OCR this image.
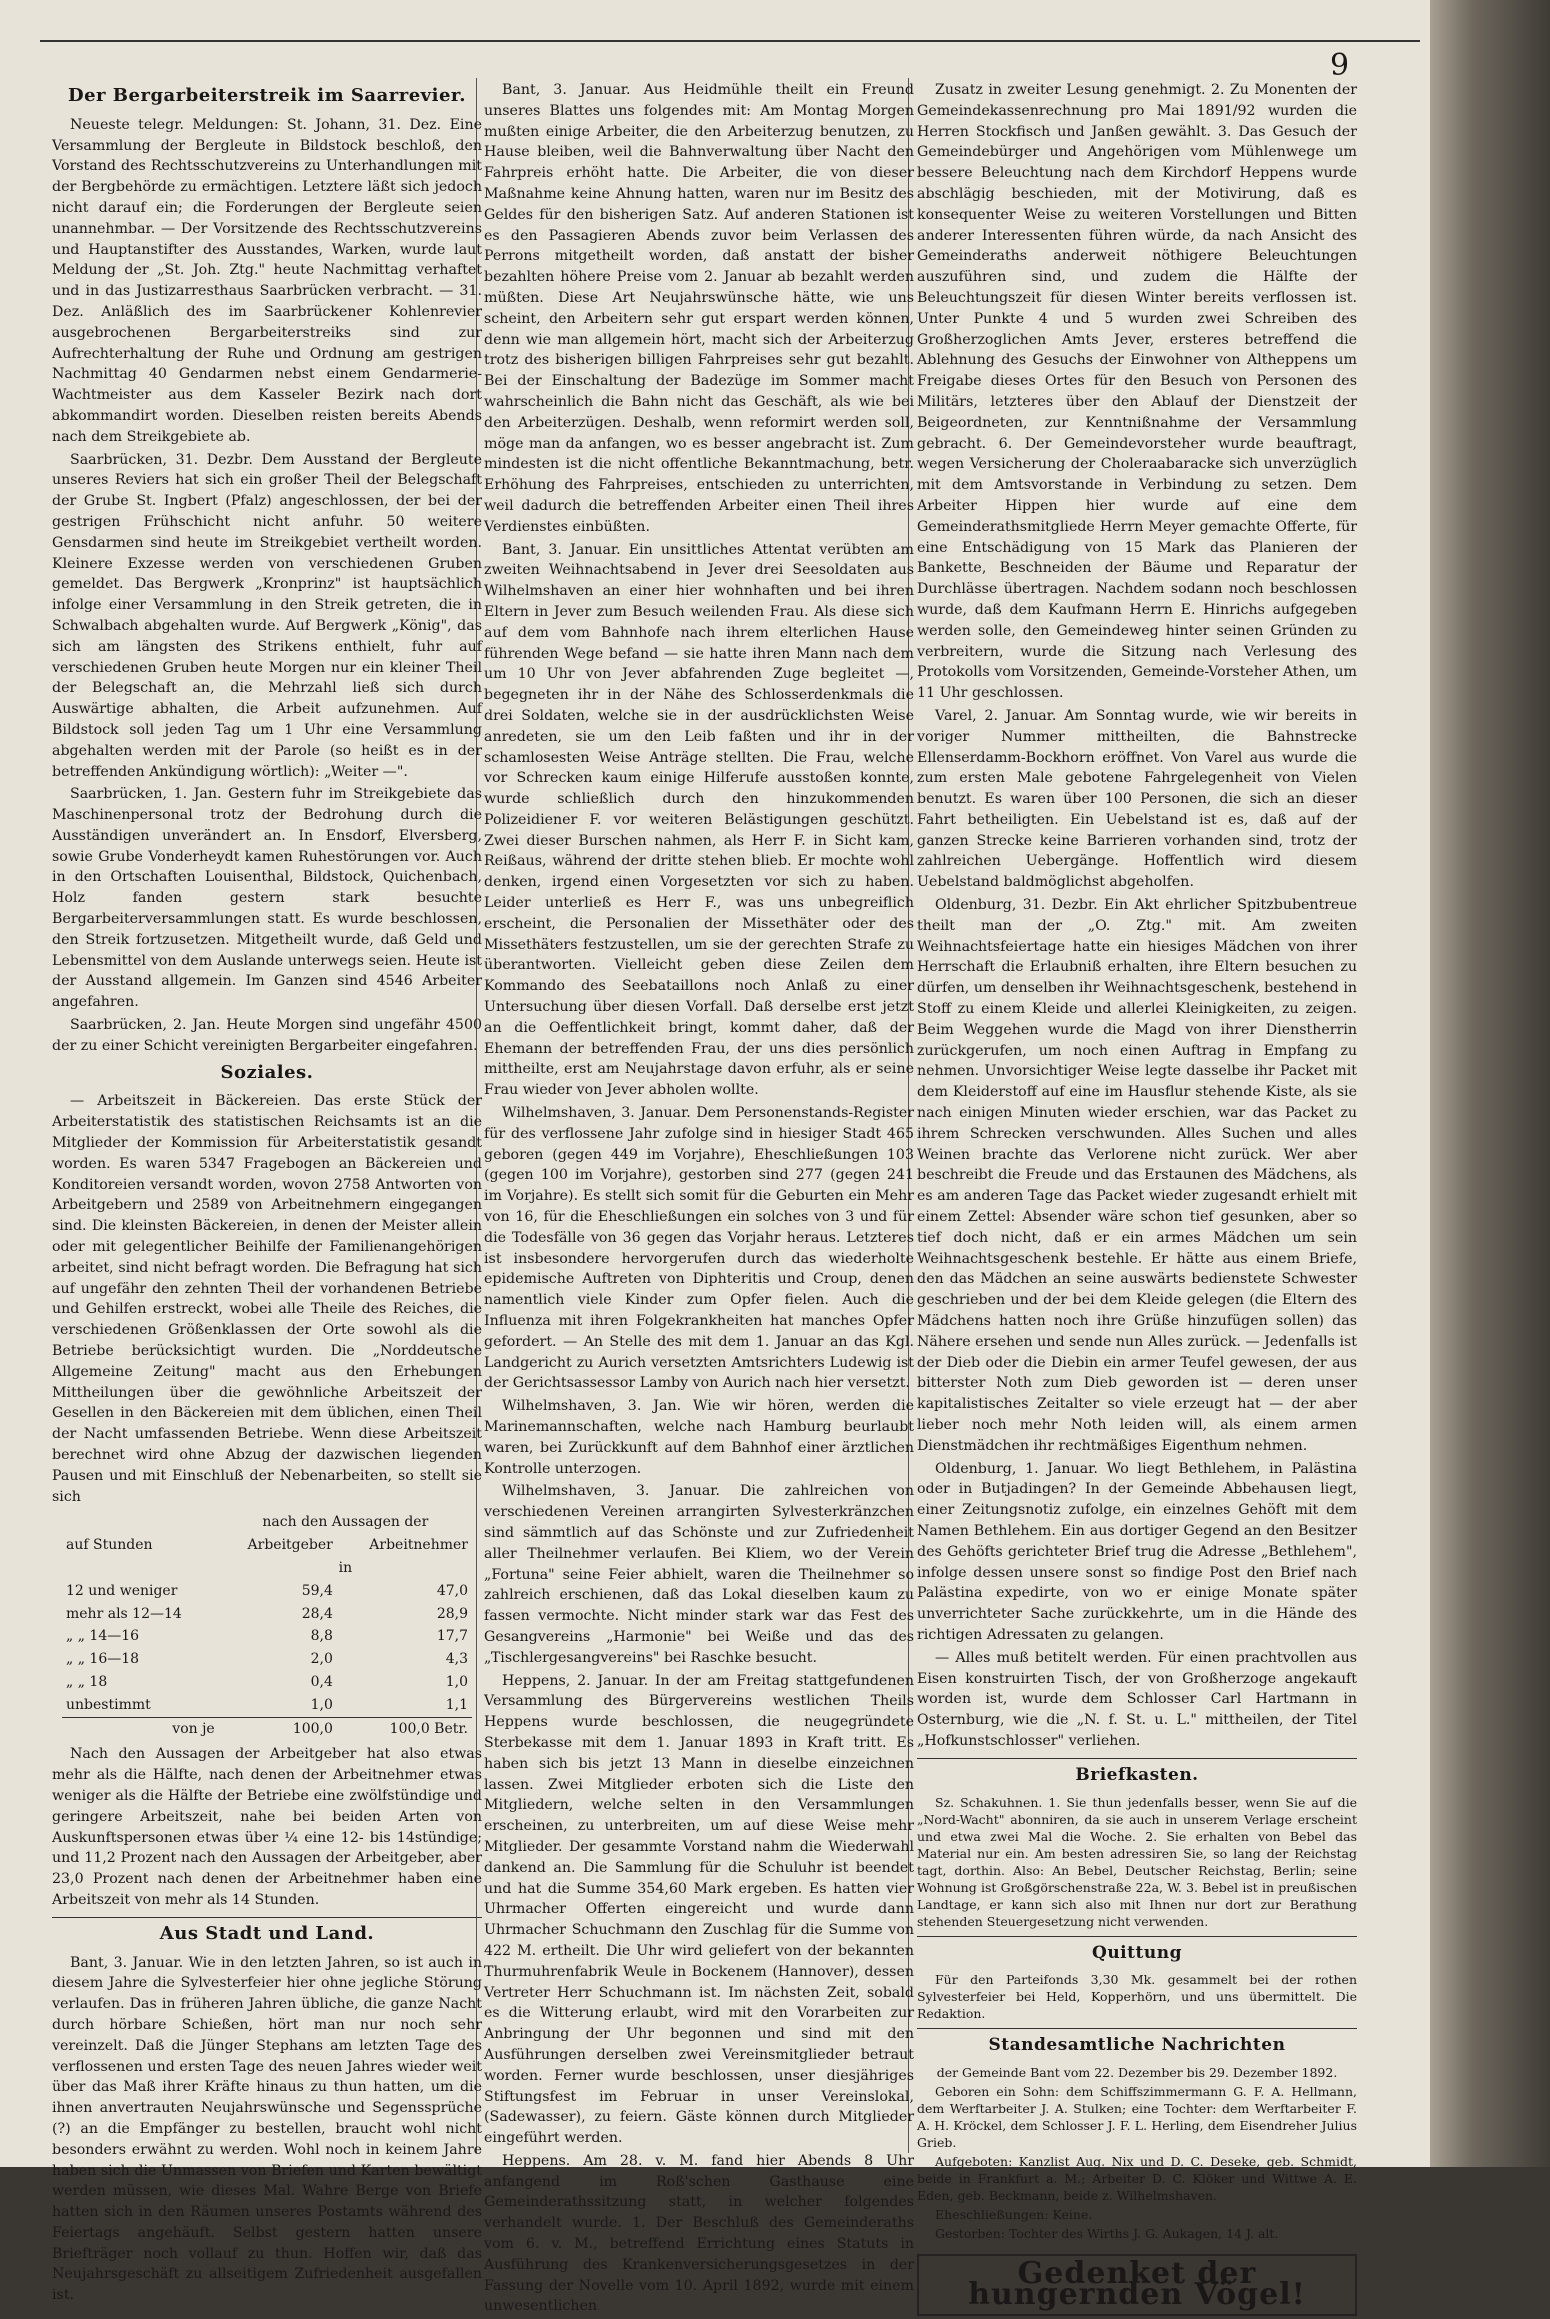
9
Der Bergarbeiterstreik im Saarrevier.

Neueste telegr. Meldungen: St. Johann, 31. Dez. Eine Versammlung der Bergleute in Bildstock beschloß, den Vorstand des Rechtsschutzvereins zu Unterhandlungen mit der Bergbehörde zu ermächtigen. Letztere läßt sich jedoch nicht darauf ein; die Forderungen der Bergleute seien unannehmbar. — Der Vorsitzende des Rechtsschutzvereins und Hauptanstifter des Ausstandes, Warken, wurde laut Meldung der „St. Joh. Ztg." heute Nachmittag verhaftet und in das Justizarresthaus Saarbrücken verbracht. — 31. Dez. Anläßlich des im Saarbrückener Kohlenrevier ausgebrochenen Bergarbeiterstreiks sind zur Aufrechterhaltung der Ruhe und Ordnung am gestrigen Nachmittag 40 Gendarmen nebst einem Gendarmerie-Wachtmeister aus dem Kasseler Bezirk nach dort abkommandirt worden. Dieselben reisten bereits Abends nach dem Streikgebiete ab.

Saarbrücken, 31. Dezbr. Dem Ausstand der Bergleute unseres Reviers hat sich ein großer Theil der Belegschaft der Grube St. Ingbert (Pfalz) angeschlossen, der bei der gestrigen Frühschicht nicht anfuhr. 50 weitere Gensdarmen sind heute im Streikgebiet vertheilt worden. Kleinere Exzesse werden von verschiedenen Gruben gemeldet. Das Bergwerk „Kronprinz" ist hauptsächlich infolge einer Versammlung in den Streik getreten, die in Schwalbach abgehalten wurde. Auf Bergwerk „König", das sich am längsten des Strikens enthielt, fuhr auf verschiedenen Gruben heute Morgen nur ein kleiner Theil der Belegschaft an, die Mehrzahl ließ sich durch Auswärtige abhalten, die Arbeit aufzunehmen. Auf Bildstock soll jeden Tag um 1 Uhr eine Versammlung abgehalten werden mit der Parole (so heißt es in der betreffenden Ankündigung wörtlich): „Weiter —".

Saarbrücken, 1. Jan. Gestern fuhr im Streikgebiete das Maschinenpersonal trotz der Bedrohung durch die Ausständigen unverändert an. In Ensdorf, Elversberg, sowie Grube Vonderheydt kamen Ruhestörungen vor. Auch in den Ortschaften Louisenthal, Bildstock, Quichenbach, Holz fanden gestern stark besuchte Bergarbeiterversammlungen statt. Es wurde beschlossen, den Streik fortzusetzen. Mitgetheilt wurde, daß Geld und Lebensmittel von dem Auslande unterwegs seien. Heute ist der Ausstand allgemein. Im Ganzen sind 4546 Arbeiter angefahren.

Saarbrücken, 2. Jan. Heute Morgen sind ungefähr 4500 der zu einer Schicht vereinigten Bergarbeiter eingefahren.

Soziales.

— Arbeitszeit in Bäckereien. Das erste Stück der Arbeiterstatistik des statistischen Reichsamts ist an die Mitglieder der Kommission für Arbeiterstatistik gesandt worden. Es waren 5347 Fragebogen an Bäckereien und Konditoreien versandt worden, wovon 2758 Antworten von Arbeitgebern und 2589 von Arbeitnehmern eingegangen sind. Die kleinsten Bäckereien, in denen der Meister allein oder mit gelegentlicher Beihilfe der Familienangehörigen arbeitet, sind nicht befragt worden. Die Befragung hat sich auf ungefähr den zehnten Theil der vorhandenen Betriebe und Gehilfen erstreckt, wobei alle Theile des Reiches, die verschiedenen Größenklassen der Orte sowohl als die Betriebe berücksichtigt wurden. Die „Norddeutsche Allgemeine Zeitung" macht aus den Erhebungen Mittheilungen über die gewöhnliche Arbeitszeit der Gesellen in den Bäckereien mit dem üblichen, einen Theil der Nacht umfassenden Betriebe. Wenn diese Arbeitszeit berechnet wird ohne Abzug der dazwischen liegenden Pausen und mit Einschluß der Nebenarbeiten, so stellt sie sich

	nach den Aussagen der	
auf Stunden	Arbeitgeber	Arbeitnehmer
	in	
12 und weniger	59,4	47,0
mehr als 12—14	28,4	28,9
„ „ 14—16	8,8	17,7
„ „ 16—18	2,0	4,3
„ „ 18	0,4	1,0
unbestimmt	1,0	1,1
von je	100,0	100,0 Betr.

Nach den Aussagen der Arbeitgeber hat also etwas mehr als die Hälfte, nach denen der Arbeitnehmer etwas weniger als die Hälfte der Betriebe eine zwölfstündige und geringere Arbeitszeit, nahe bei beiden Arten von Auskunftspersonen etwas über ¼ eine 12- bis 14stündige; und 11,2 Prozent nach den Aussagen der Arbeitgeber, aber 23,0 Prozent nach denen der Arbeitnehmer haben eine Arbeitszeit von mehr als 14 Stunden.

Aus Stadt und Land.

Bant, 3. Januar. Wie in den letzten Jahren, so ist auch in diesem Jahre die Sylvesterfeier hier ohne jegliche Störung verlaufen. Das in früheren Jahren übliche, die ganze Nacht durch hörbare Schießen, hört man nur noch sehr vereinzelt. Daß die Jünger Stephans am letzten Tage des verflossenen und ersten Tage des neuen Jahres wieder weit über das Maß ihrer Kräfte hinaus zu thun hatten, um die ihnen anvertrauten Neujahrswünsche und Segenssprüche (?) an die Empfänger zu bestellen, braucht wohl nicht besonders erwähnt zu werden. Wohl noch in keinem Jahre haben sich die Unmassen von Briefen und Karten bewältigt werden müssen, wie dieses Mal. Wahre Berge von Briefe hatten sich in den Räumen unseres Postamts während des Feiertags angehäuft. Selbst gestern hatten unsere Briefträger noch vollauf zu thun. Hoffen wir, daß das Neujahrsgeschäft zu allseitigem Zufriedenheit ausgefallen ist.

Bant, 3. Januar. Aus Heidmühle theilt ein Freund unseres Blattes uns folgendes mit: Am Montag Morgen mußten einige Arbeiter, die den Arbeiterzug benutzen, zu Hause bleiben, weil die Bahnverwaltung über Nacht den Fahrpreis erhöht hatte. Die Arbeiter, die von dieser Maßnahme keine Ahnung hatten, waren nur im Besitz des Geldes für den bisherigen Satz. Auf anderen Stationen ist es den Passagieren Abends zuvor beim Verlassen des Perrons mitgetheilt worden, daß anstatt der bisher bezahlten höhere Preise vom 2. Januar ab bezahlt werden müßten. Diese Art Neujahrswünsche hätte, wie uns scheint, den Arbeitern sehr gut erspart werden können, denn wie man allgemein hört, macht sich der Arbeiterzug trotz des bisherigen billigen Fahrpreises sehr gut bezahlt. Bei der Einschaltung der Badezüge im Sommer macht wahrscheinlich die Bahn nicht das Geschäft, als wie bei den Arbeiterzügen. Deshalb, wenn reformirt werden soll, möge man da anfangen, wo es besser angebracht ist. Zum mindesten ist die nicht offentliche Bekanntmachung, betr. Erhöhung des Fahrpreises, entschieden zu unterrichten, weil dadurch die betreffenden Arbeiter einen Theil ihres Verdienstes einbüßten.

Bant, 3. Januar. Ein unsittliches Attentat verübten am zweiten Weihnachtsabend in Jever drei Seesoldaten aus Wilhelmshaven an einer hier wohnhaften und bei ihren Eltern in Jever zum Besuch weilenden Frau. Als diese sich auf dem vom Bahnhofe nach ihrem elterlichen Hause führenden Wege befand — sie hatte ihren Mann nach dem um 10 Uhr von Jever abfahrenden Zuge begleitet —, begegneten ihr in der Nähe des Schlosserdenkmals die drei Soldaten, welche sie in der ausdrücklichsten Weise anredeten, sie um den Leib faßten und ihr in der schamlosesten Weise Anträge stellten. Die Frau, welche vor Schrecken kaum einige Hilferufe ausstoßen konnte, wurde schließlich durch den hinzukommenden Polizeidiener F. vor weiteren Belästigungen geschützt. Zwei dieser Burschen nahmen, als Herr F. in Sicht kam, Reißaus, während der dritte stehen blieb. Er mochte wohl denken, irgend einen Vorgesetzten vor sich zu haben. Leider unterließ es Herr F., was uns unbegreiflich erscheint, die Personalien der Missethäter oder des Missethäters festzustellen, um sie der gerechten Strafe zu überantworten. Vielleicht geben diese Zeilen dem Kommando des Seebataillons noch Anlaß zu einer Untersuchung über diesen Vorfall. Daß derselbe erst jetzt an die Oeffentlichkeit bringt, kommt daher, daß der Ehemann der betreffenden Frau, der uns dies persönlich mittheilte, erst am Neujahrstage davon erfuhr, als er seine Frau wieder von Jever abholen wollte.

Wilhelmshaven, 3. Januar. Dem Personenstands-Register für des verflossene Jahr zufolge sind in hiesiger Stadt 465 geboren (gegen 449 im Vorjahre), Eheschließungen 103 (gegen 100 im Vorjahre), gestorben sind 277 (gegen 241 im Vorjahre). Es stellt sich somit für die Geburten ein Mehr von 16, für die Eheschließungen ein solches von 3 und für die Todesfälle von 36 gegen das Vorjahr heraus. Letzteres ist insbesondere hervorgerufen durch das wiederholte epidemische Auftreten von Diphteritis und Croup, denen namentlich viele Kinder zum Opfer fielen. Auch die Influenza mit ihren Folgekrankheiten hat manches Opfer gefordert. — An Stelle des mit dem 1. Januar an das Kgl. Landgericht zu Aurich versetzten Amtsrichters Ludewig ist der Gerichtsassessor Lamby von Aurich nach hier versetzt.

Wilhelmshaven, 3. Jan. Wie wir hören, werden die Marinemannschaften, welche nach Hamburg beurlaubt waren, bei Zurückkunft auf dem Bahnhof einer ärztlichen Kontrolle unterzogen.

Wilhelmshaven, 3. Januar. Die zahlreichen von verschiedenen Vereinen arrangirten Sylvesterkränzchen sind sämmtlich auf das Schönste und zur Zufriedenheit aller Theilnehmer verlaufen. Bei Kliem, wo der Verein „Fortuna" seine Feier abhielt, waren die Theilnehmer so zahlreich erschienen, daß das Lokal dieselben kaum zu fassen vermochte. Nicht minder stark war das Fest des Gesangvereins „Harmonie" bei Weiße und das des „Tischlergesangvereins" bei Raschke besucht.

Heppens, 2. Januar. In der am Freitag stattgefundenen Versammlung des Bürgervereins westlichen Theils Heppens wurde beschlossen, die neugegründete Sterbekasse mit dem 1. Januar 1893 in Kraft tritt. Es haben sich bis jetzt 13 Mann in dieselbe einzeichnen lassen. Zwei Mitglieder erboten sich die Liste den Mitgliedern, welche selten in den Versammlungen erscheinen, zu unterbreiten, um auf diese Weise mehr Mitglieder. Der gesammte Vorstand nahm die Wiederwahl dankend an. Die Sammlung für die Schuluhr ist beendet und hat die Summe 354,60 Mark ergeben. Es hatten vier Uhrmacher Offerten eingereicht und wurde dann Uhrmacher Schuchmann den Zuschlag für die Summe von 422 M. ertheilt. Die Uhr wird geliefert von der bekannten Thurmuhrenfabrik Weule in Bockenem (Hannover), dessen Vertreter Herr Schuchmann ist. Im nächsten Zeit, sobald es die Witterung erlaubt, wird mit den Vorarbeiten zur Anbringung der Uhr begonnen und sind mit den Ausführungen derselben zwei Vereinsmitglieder betraut worden. Ferner wurde beschlossen, unser diesjähriges Stiftungsfest im Februar in unser Vereinslokal, (Sadewasser), zu feiern. Gäste können durch Mitglieder eingeführt werden.

Heppens. Am 28. v. M. fand hier Abends 8 Uhr anfangend im Roß'schen Gasthause eine Gemeinderathssitzung statt, in welcher folgendes verhandelt wurde. 1. Der Beschluß des Gemeinderaths vom 6. v. M., betreffend Errichtung eines Statuts in Ausführung des Krankenversicherungsgesetzes in der Fassung der Novelle vom 10. April 1892, wurde mit einem unwesentlichen

Zusatz in zweiter Lesung genehmigt. 2. Zu Monenten der Gemeindekassenrechnung pro Mai 1891/92 wurden die Herren Stockfisch und Janßen gewählt. 3. Das Gesuch der Gemeindebürger und Angehörigen vom Mühlenwege um bessere Beleuchtung nach dem Kirchdorf Heppens wurde abschlägig beschieden, mit der Motivirung, daß es konsequenter Weise zu weiteren Vorstellungen und Bitten anderer Interessenten führen würde, da nach Ansicht des Gemeinderaths anderweit nöthigere Beleuchtungen auszuführen sind, und zudem die Hälfte der Beleuchtungszeit für diesen Winter bereits verflossen ist. Unter Punkte 4 und 5 wurden zwei Schreiben des Großherzoglichen Amts Jever, ersteres betreffend die Ablehnung des Gesuchs der Einwohner von Altheppens um Freigabe dieses Ortes für den Besuch von Personen des Militärs, letzteres über den Ablauf der Dienstzeit der Beigeordneten, zur Kenntnißnahme der Versammlung gebracht. 6. Der Gemeindevorsteher wurde beauftragt, wegen Versicherung der Choleraabaracke sich unverzüglich mit dem Amtsvorstande in Verbindung zu setzen. Dem Arbeiter Hippen hier wurde auf eine dem Gemeinderathsmitgliede Herrn Meyer gemachte Offerte, für eine Entschädigung von 15 Mark das Planieren der Bankette, Beschneiden der Bäume und Reparatur der Durchlässe übertragen. Nachdem sodann noch beschlossen wurde, daß dem Kaufmann Herrn E. Hinrichs aufgegeben werden solle, den Gemeindeweg hinter seinen Gründen zu verbreitern, wurde die Sitzung nach Verlesung des Protokolls vom Vorsitzenden, Gemeinde-Vorsteher Athen, um 11 Uhr geschlossen.

Varel, 2. Januar. Am Sonntag wurde, wie wir bereits in voriger Nummer mittheilten, die Bahnstrecke Ellenserdamm-Bockhorn eröffnet. Von Varel aus wurde die zum ersten Male gebotene Fahrgelegenheit von Vielen benutzt. Es waren über 100 Personen, die sich an dieser Fahrt betheiligten. Ein Uebelstand ist es, daß auf der ganzen Strecke keine Barrieren vorhanden sind, trotz der zahlreichen Uebergänge. Hoffentlich wird diesem Uebelstand baldmöglichst abgeholfen.

Oldenburg, 31. Dezbr. Ein Akt ehrlicher Spitzbubentreue theilt man der „O. Ztg." mit. Am zweiten Weihnachtsfeiertage hatte ein hiesiges Mädchen von ihrer Herrschaft die Erlaubniß erhalten, ihre Eltern besuchen zu dürfen, um denselben ihr Weihnachtsgeschenk, bestehend in Stoff zu einem Kleide und allerlei Kleinigkeiten, zu zeigen. Beim Weggehen wurde die Magd von ihrer Dienstherrin zurückgerufen, um noch einen Auftrag in Empfang zu nehmen. Unvorsichtiger Weise legte dasselbe ihr Packet mit dem Kleiderstoff auf eine im Hausflur stehende Kiste, als sie nach einigen Minuten wieder erschien, war das Packet zu ihrem Schrecken verschwunden. Alles Suchen und alles Weinen brachte das Verlorene nicht zurück. Wer aber beschreibt die Freude und das Erstaunen des Mädchens, als es am anderen Tage das Packet wieder zugesandt erhielt mit einem Zettel: Absender wäre schon tief gesunken, aber so tief doch nicht, daß er ein armes Mädchen um sein Weihnachtsgeschenk bestehle. Er hätte aus einem Briefe, den das Mädchen an seine auswärts bedienstete Schwester geschrieben und der bei dem Kleide gelegen (die Eltern des Mädchens hatten noch ihre Grüße hinzufügen sollen) das Nähere ersehen und sende nun Alles zurück. — Jedenfalls ist der Dieb oder die Diebin ein armer Teufel gewesen, der aus bitterster Noth zum Dieb geworden ist — deren unser kapitalistisches Zeitalter so viele erzeugt hat — der aber lieber noch mehr Noth leiden will, als einem armen Dienstmädchen ihr rechtmäßiges Eigenthum nehmen.

Oldenburg, 1. Januar. Wo liegt Bethlehem, in Palästina oder in Butjadingen? In der Gemeinde Abbehausen liegt, einer Zeitungsnotiz zufolge, ein einzelnes Gehöft mit dem Namen Bethlehem. Ein aus dortiger Gegend an den Besitzer des Gehöfts gerichteter Brief trug die Adresse „Bethlehem", infolge dessen unsere sonst so findige Post den Brief nach Palästina expedirte, von wo er einige Monate später unverrichteter Sache zurückkehrte, um in die Hände des richtigen Adressaten zu gelangen.

— Alles muß betitelt werden. Für einen prachtvollen aus Eisen konstruirten Tisch, der von Großherzoge angekauft worden ist, wurde dem Schlosser Carl Hartmann in Osternburg, wie die „N. f. St. u. L." mittheilen, der Titel „Hofkunstschlosser" verliehen.

Briefkasten.

Sz. Schakuhnen. 1. Sie thun jedenfalls besser, wenn Sie auf die „Nord-Wacht" abonniren, da sie auch in unserem Verlage erscheint und etwa zwei Mal die Woche. 2. Sie erhalten von Bebel das Material nur ein. Am besten adressiren Sie, so lang der Reichstag tagt, dorthin. Also: An Bebel, Deutscher Reichstag, Berlin; seine Wohnung ist Großgörschenstraße 22a, W. 3. Bebel ist in preußischen Landtage, er kann sich also mit Ihnen nur dort zur Berathung stehenden Steuergesetzung nicht verwenden.

Quittung

Für den Parteifonds 3,30 Mk. gesammelt bei der rothen Sylvesterfeier bei Held, Kopperhörn, und uns übermittelt. Die Redaktion.

Standesamtliche Nachrichten

der Gemeinde Bant vom 22. Dezember bis 29. Dezember 1892.

Geboren ein Sohn: dem Schiffszimmermann G. F. A. Hellmann, dem Werftarbeiter J. A. Stulken; eine Tochter: dem Werftarbeiter F. A. H. Kröckel, dem Schlosser J. F. L. Herling, dem Eisendreher Julius Grieb.

Aufgeboten: Kanzlist Aug. Nix und D. C. Deseke, geb. Schmidt, beide in Frankfurt a. M.; Arbeiter D. C. Klöker und Wittwe A. E. Eden, geb. Beckmann, beide z. Wilhelmshaven.

Eheschließungen: Keine.

Gestorben: Tochter des Wirths J. G. Aukagen, 14 J. alt.

Gedenket der hungernden Vögel!
